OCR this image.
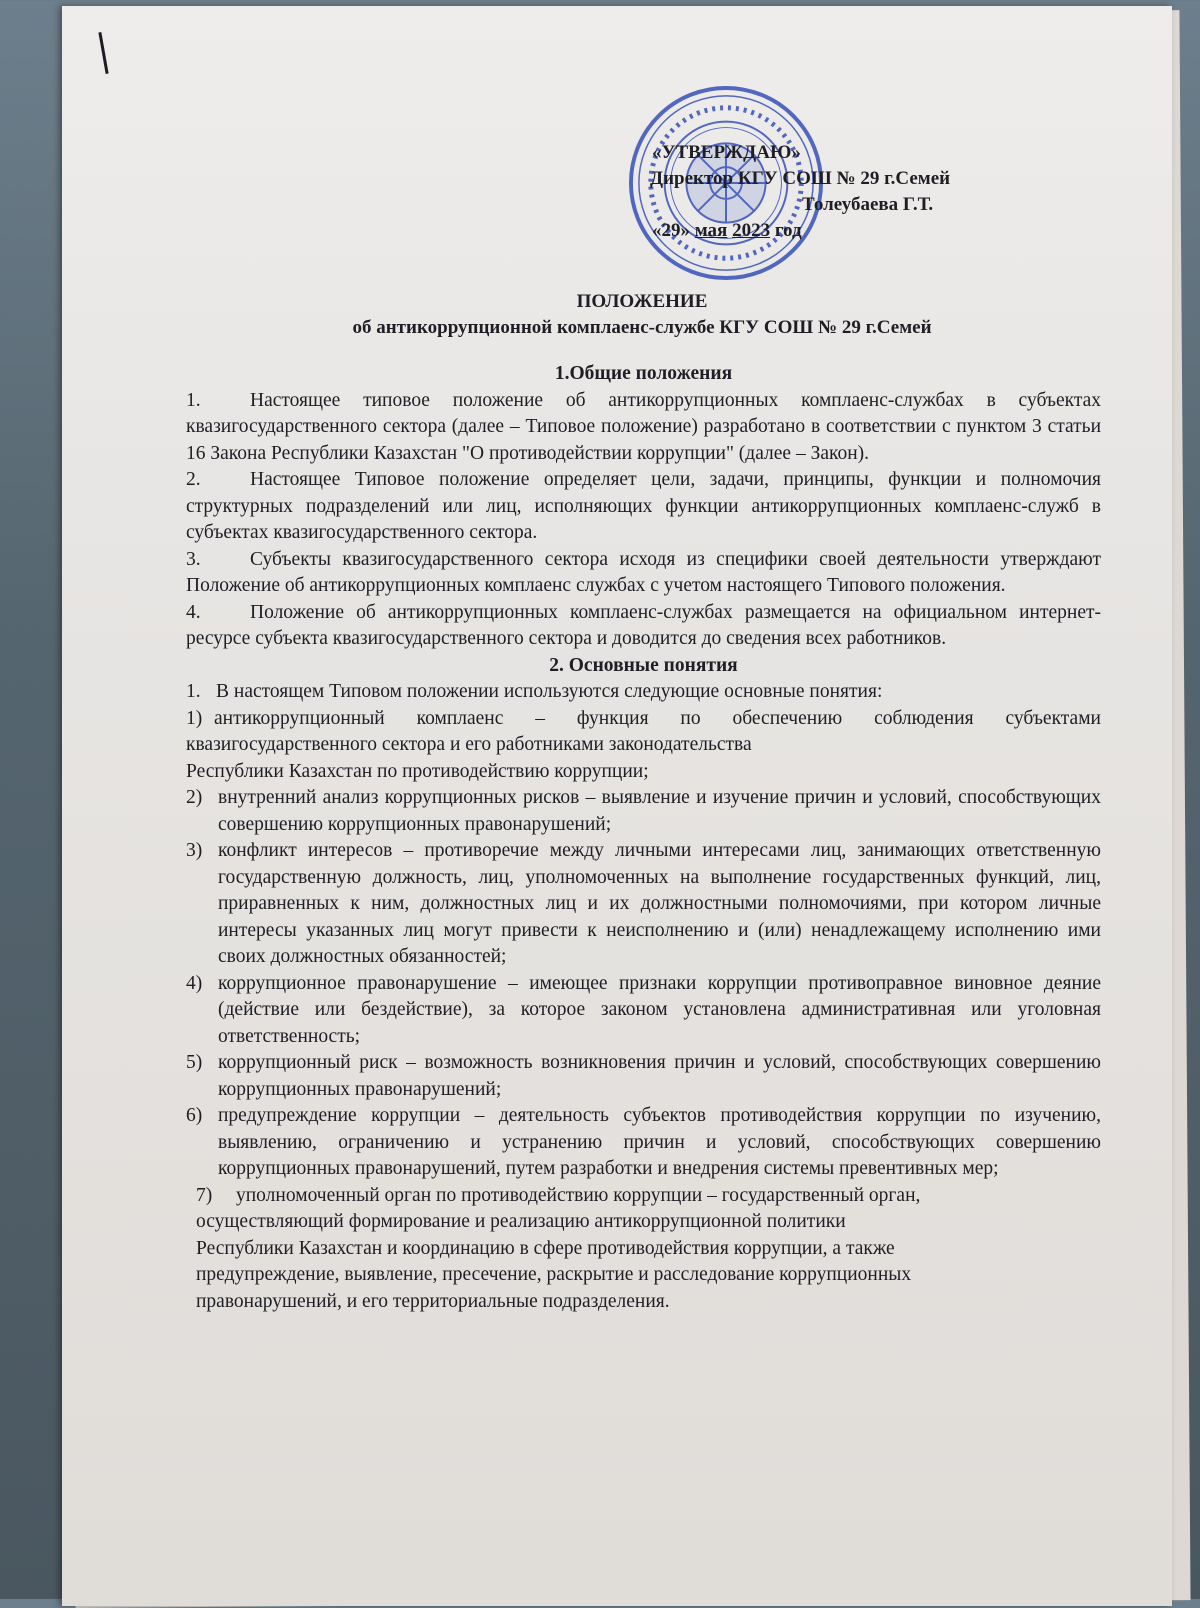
«УТВЕРЖДАЮ»
Директор КГУ СОШ № 29 г.Семей
Толеубаева Г.Т.
«29» мая 2023 год
ПОЛОЖЕНИЕ
об антикоррупционной комплаенс-службе КГУ СОШ № 29 г.Семей

1.Общие положения

1.	Настоящее типовое положение об антикоррупционных комплаенс-службах в субъектах квазигосударственного сектора (далее – Типовое положение) разработано в соответствии с пунктом 3 статьи 16 Закона Республики Казахстан "О противодействии коррупции" (далее – Закон).

2.	Настоящее Типовое положение определяет цели, задачи, принципы, функции и полномочия структурных подразделений или лиц, исполняющих функции антикоррупционных комплаенс-служб в субъектах квазигосударственного сектора.

3.	Субъекты квазигосударственного сектора исходя из специфики своей деятельности утверждают Положение об антикоррупционных комплаенс службах с учетом настоящего Типового положения.

4.	Положение об антикоррупционных комплаенс-службах размещается на официальном интернет-ресурсе субъекта квазигосударственного сектора и доводится до сведения всех работников.

2. Основные понятия

1. В настоящем Типовом положении используются следующие основные понятия:

1) антикоррупционный комплаенс – функция по обеспечению соблюдения субъектами квазигосударственного сектора и его работниками законодательства

Республики Казахстан по противодействию коррупции;

2) внутренний анализ коррупционных рисков – выявление и изучение причин и условий, способствующих совершению коррупционных правонарушений;

3) конфликт интересов – противоречие между личными интересами лиц, занимающих ответственную государственную должность, лиц, уполномоченных на выполнение государственных функций, лиц, приравненных к ним, должностных лиц и их должностными полномочиями, при котором личные интересы указанных лиц могут привести к неисполнению и (или) ненадлежащему исполнению ими своих должностных обязанностей;

4) коррупционное правонарушение – имеющее признаки коррупции противоправное виновное деяние (действие или бездействие), за которое законом установлена административная или уголовная ответственность;

5) коррупционный риск – возможность возникновения причин и условий, способствующих совершению коррупционных правонарушений;

6) предупреждение коррупции – деятельность субъектов противодействия коррупции по изучению, выявлению, ограничению и устранению причин и условий, способствующих совершению коррупционных правонарушений, путем разработки и внедрения системы превентивных мер;

7) уполномоченный орган по противодействию коррупции – государственный орган,
осуществляющий формирование и реализацию антикоррупционной политики
Республики Казахстан и координацию в сфере противодействия коррупции, а также
предупреждение, выявление, пресечение, раскрытие и расследование коррупционных
правонарушений, и его территориальные подразделения.
